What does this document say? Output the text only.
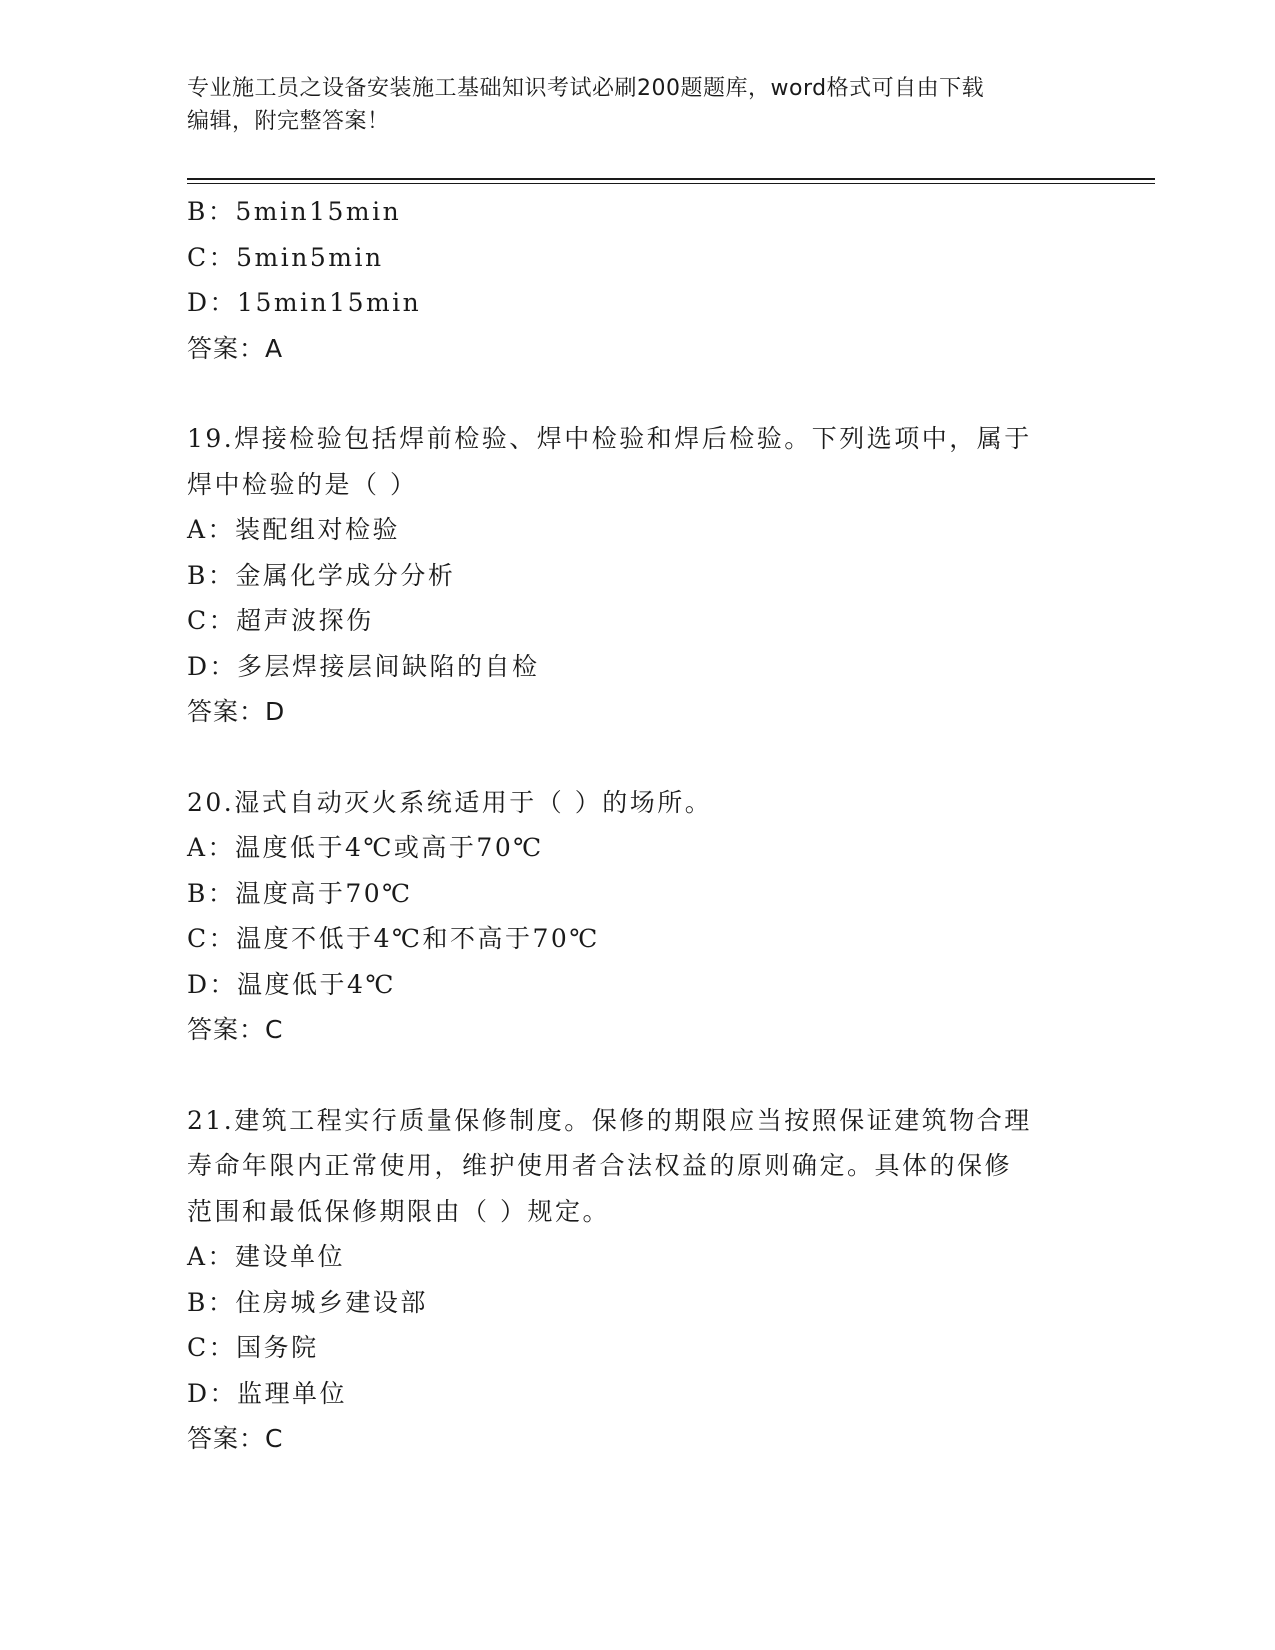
专业施工员之设备安装施工基础知识考试必刷200题题库，word格式可自由下载
编辑，附完整答案！
B：5min15min
C：5min5min
D：15min15min
答案：A
19.焊接检验包括焊前检验、焊中检验和焊后检验。下列选项中，属于
焊中检验的是（ ）
A：装配组对检验
B：金属化学成分分析
C：超声波探伤
D：多层焊接层间缺陷的自检
答案：D
20.湿式自动灭火系统适用于（ ）的场所。
A：温度低于4℃或高于70℃
B：温度高于70℃
C：温度不低于4℃和不高于70℃
D：温度低于4℃
答案：C
21.建筑工程实行质量保修制度。保修的期限应当按照保证建筑物合理
寿命年限内正常使用，维护使用者合法权益的原则确定。具体的保修
范围和最低保修期限由（ ）规定。
A：建设单位
B：住房城乡建设部
C：国务院
D：监理单位
答案：C
